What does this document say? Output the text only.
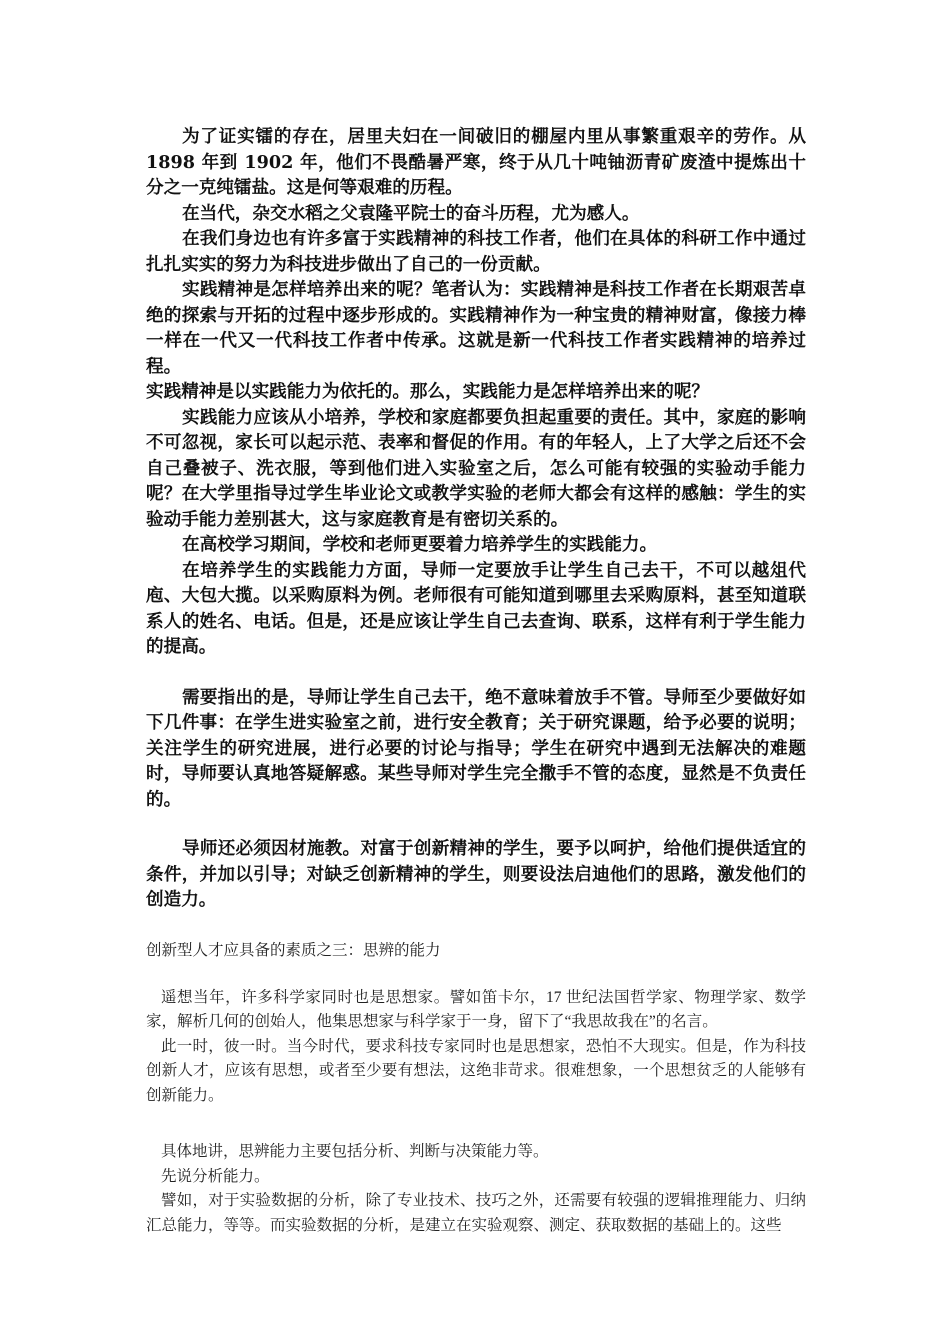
为了证实镭的存在，居里夫妇在一间破旧的棚屋内里从事繁重艰辛的劳作。从 1898 年到 1902 年，他们不畏酷暑严寒，终于从几十吨铀沥青矿废渣中提炼出十分之一克纯镭盐。这是何等艰难的历程。

在当代，杂交水稻之父袁隆平院士的奋斗历程，尤为感人。

在我们身边也有许多富于实践精神的科技工作者，他们在具体的科研工作中通过扎扎实实的努力为科技进步做出了自己的一份贡献。

实践精神是怎样培养出来的呢？笔者认为：实践精神是科技工作者在长期艰苦卓绝的探索与开拓的过程中逐步形成的。实践精神作为一种宝贵的精神财富，像接力棒一样在一代又一代科技工作者中传承。这就是新一代科技工作者实践精神的培养过程。

实践精神是以实践能力为依托的。那么，实践能力是怎样培养出来的呢？

实践能力应该从小培养，学校和家庭都要负担起重要的责任。其中，家庭的影响不可忽视，家长可以起示范、表率和督促的作用。有的年轻人，上了大学之后还不会自己叠被子、洗衣服，等到他们进入实验室之后，怎么可能有较强的实验动手能力呢？在大学里指导过学生毕业论文或教学实验的老师大都会有这样的感触：学生的实验动手能力差别甚大，这与家庭教育是有密切关系的。

在高校学习期间，学校和老师更要着力培养学生的实践能力。

在培养学生的实践能力方面，导师一定要放手让学生自己去干，不可以越俎代庖、大包大揽。以采购原料为例。老师很有可能知道到哪里去采购原料，甚至知道联系人的姓名、电话。但是，还是应该让学生自己去查询、联系，这样有利于学生能力的提高。

需要指出的是，导师让学生自己去干，绝不意味着放手不管。导师至少要做好如下几件事：在学生进实验室之前，进行安全教育；关于研究课题，给予必要的说明；关注学生的研究进展，进行必要的讨论与指导；学生在研究中遇到无法解决的难题时，导师要认真地答疑解惑。某些导师对学生完全撒手不管的态度，显然是不负责任的。

导师还必须因材施教。对富于创新精神的学生，要予以呵护，给他们提供适宜的条件，并加以引导；对缺乏创新精神的学生，则要设法启迪他们的思路，激发他们的创造力。

创新型人才应具备的素质之三：思辨的能力

遥想当年，许多科学家同时也是思想家。譬如笛卡尔，17 世纪法国哲学家、物理学家、数学家，解析几何的创始人，他集思想家与科学家于一身，留下了“我思故我在”的名言。

此一时，彼一时。当今时代，要求科技专家同时也是思想家，恐怕不大现实。但是，作为科技创新人才，应该有思想，或者至少要有想法，这绝非苛求。很难想象，一个思想贫乏的人能够有创新能力。

具体地讲，思辨能力主要包括分析、判断与决策能力等。

先说分析能力。

譬如，对于实验数据的分析，除了专业技术、技巧之外，还需要有较强的逻辑推理能力、归纳汇总能力，等等。而实验数据的分析，是建立在实验观察、测定、获取数据的基础上的。这些
